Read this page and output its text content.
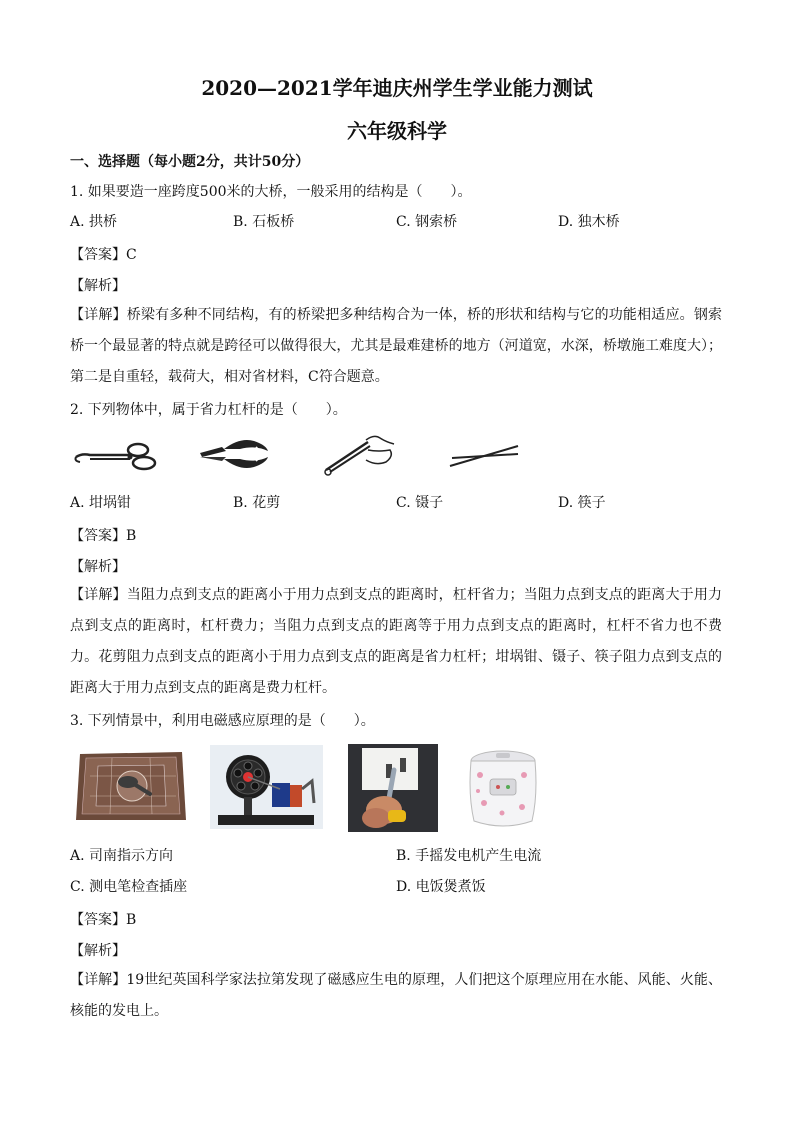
2020—2021学年迪庆州学生学业能力测试
六年级科学
一、选择题（每小题2分，共计50分）
1. 如果要造一座跨度500米的大桥，一般采用的结构是（　　）。
A. 拱桥	B. 石板桥	C. 钢索桥	D. 独木桥
【答案】C
【解析】
【详解】桥梁有多种不同结构，有的桥梁把多种结构合为一体，桥的形状和结构与它的功能相适应。钢索桥一个最显著的特点就是跨径可以做得很大，尤其是最难建桥的地方（河道宽，水深，桥墩施工难度大）；第二是自重轻，载荷大，相对省材料，C符合题意。
2. 下列物体中，属于省力杠杆的是（　　）。
A. 坩埚钳	B. 花剪	C. 镊子	D. 筷子
【答案】B
【解析】
【详解】当阻力点到支点的距离小于用力点到支点的距离时，杠杆省力；当阻力点到支点的距离大于用力点到支点的距离时，杠杆费力；当阻力点到支点的距离等于用力点到支点的距离时，杠杆不省力也不费力。花剪阻力点到支点的距离小于用力点到支点的距离是省力杠杆；坩埚钳、镊子、筷子阻力点到支点的距离大于用力点到支点的距离是费力杠杆。
3. 下列情景中，利用电磁感应原理的是（　　）。
A. 司南指示方向	B. 手摇发电机产生电流
C. 测电笔检查插座	D. 电饭煲煮饭
【答案】B
【解析】
【详解】19世纪英国科学家法拉第发现了磁感应生电的原理，人们把这个原理应用在水能、风能、火能、核能的发电上。
